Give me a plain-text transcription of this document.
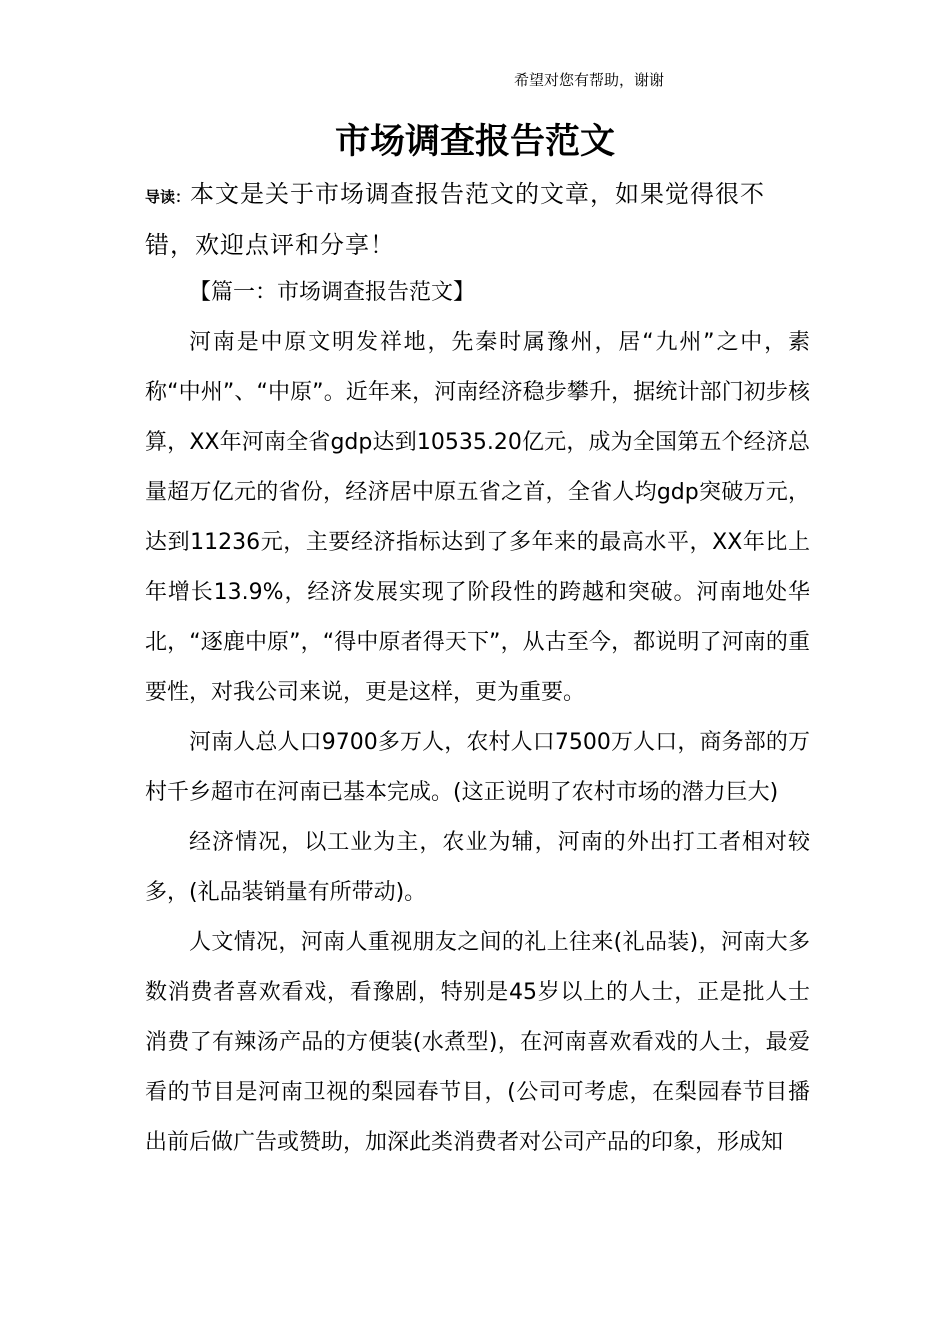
希望对您有帮助，谢谢
市场调查报告范文
导读：本文是关于市场调查报告范文的文章，如果觉得很不错，欢迎点评和分享！

【篇一：市场调查报告范文】

河南是中原文明发祥地，先秦时属豫州，居“九州”之中，素称“中州”、“中原”。近年来，河南经济稳步攀升，据统计部门初步核算，XX年河南全省gdp达到10535.20亿元，成为全国第五个经济总量超万亿元的省份，经济居中原五省之首，全省人均gdp突破万元，达到11236元，主要经济指标达到了多年来的最高水平，XX年比上年增长13.9%，经济发展实现了阶段性的跨越和突破。河南地处华北，“逐鹿中原”，“得中原者得天下”，从古至今，都说明了河南的重要性，对我公司来说，更是这样，更为重要。

河南人总人口9700多万人，农村人口7500万人口，商务部的万村千乡超市在河南已基本完成。(这正说明了农村市场的潜力巨大)

经济情况，以工业为主，农业为辅，河南的外出打工者相对较多，(礼品装销量有所带动)。

人文情况，河南人重视朋友之间的礼上往来(礼品装)，河南大多数消费者喜欢看戏，看豫剧，特别是45岁以上的人士，正是批人士消费了有辣汤产品的方便装(水煮型)，在河南喜欢看戏的人士，最爱看的节目是河南卫视的梨园春节目，(公司可考虑，在梨园春节目播出前后做广告或赞助，加深此类消费者对公司产品的印象，形成知
